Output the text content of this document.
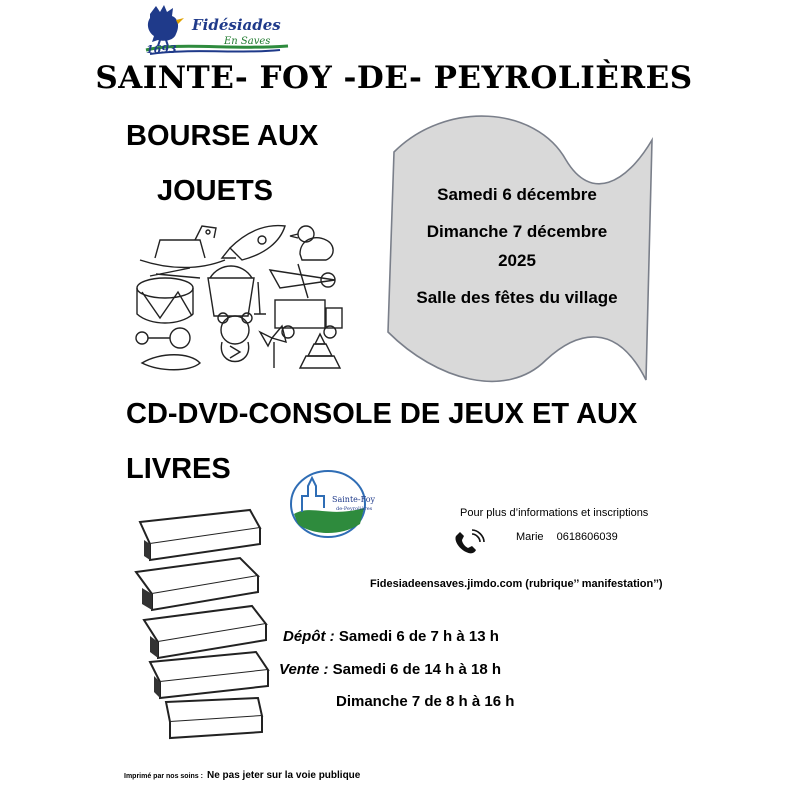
Fidésiades
En Saves
1693
SAINTE- FOY -DE- PEYROLIÈRES
BOURSE AUX
JOUETS	Samedi 6 décembre
Dimanche 7 décembre
2025
Salle des fêtes du village
CD-DVD-CONSOLE DE JEUX ET AUX
LIVRES
Sainte-Foy
de-Peyrolières	Pour plus d’informations et inscriptions
Marie 0618606039
Fidesiadeensaves.jimdo.com (rubrique’’ manifestation’’)
Dépôt : Samedi 6 de 7 h à 13 h
Vente : Samedi 6 de 14 h à 18 h
Dimanche 7 de 8 h à 16 h
Imprimé par nos soins : Ne pas jeter sur la voie publique
